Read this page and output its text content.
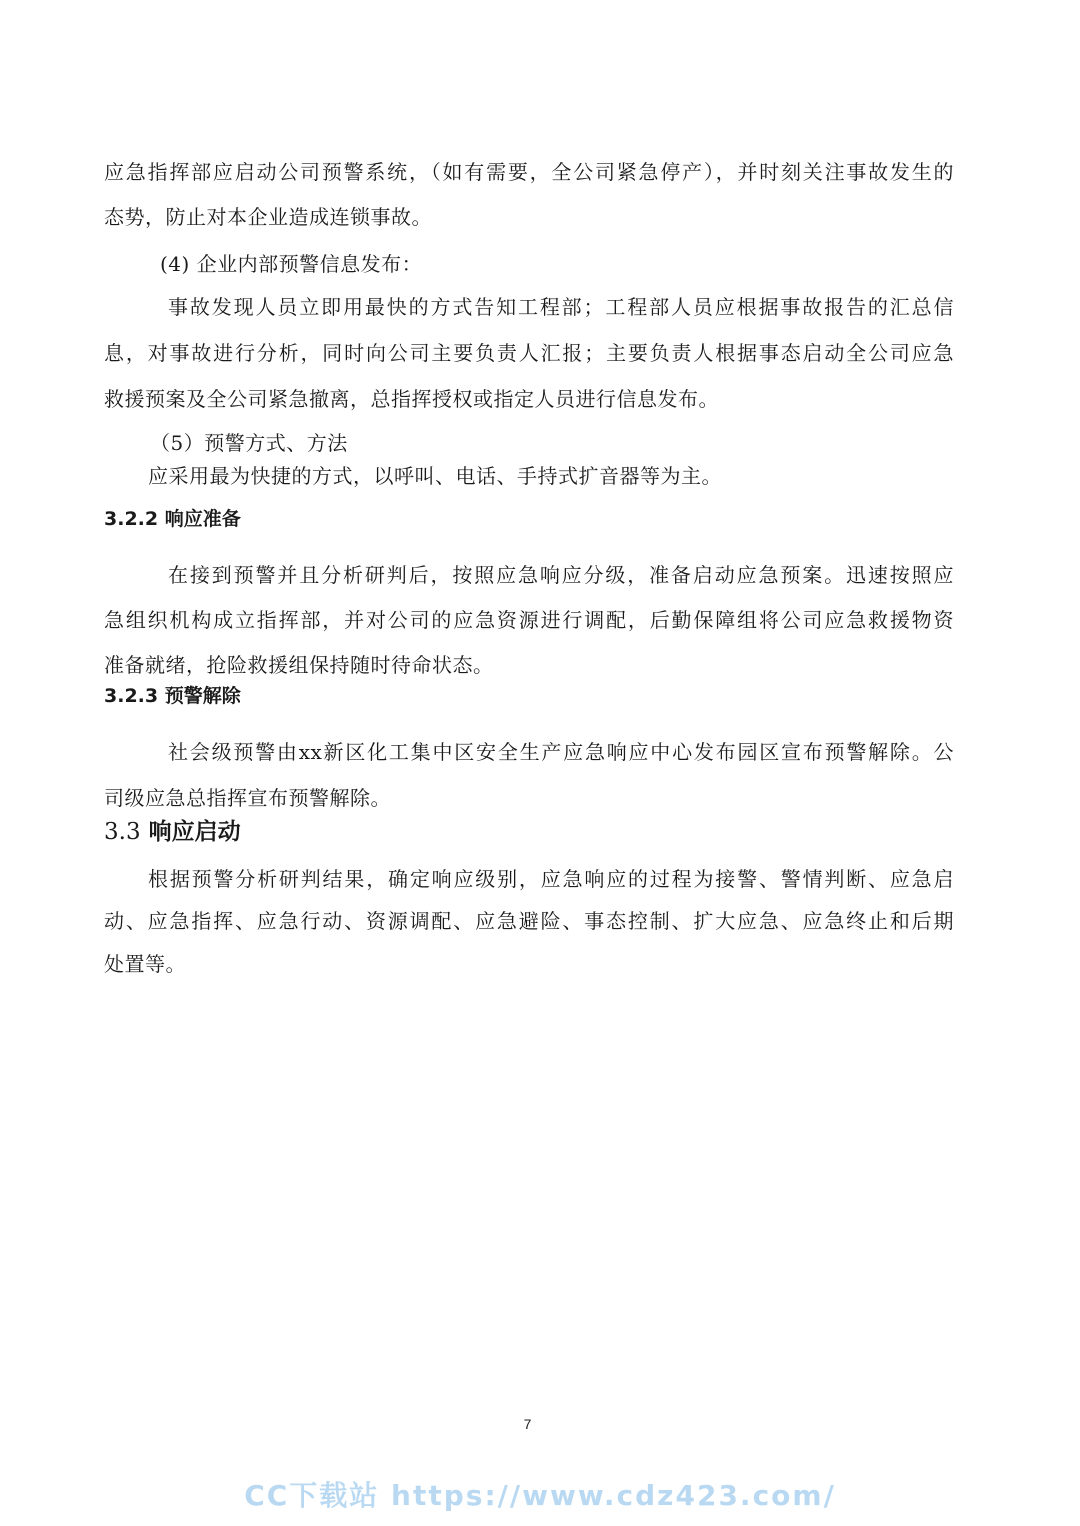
应急指挥部应启动公司预警系统，（如有需要，全公司紧急停产），并时刻关注事故发生的
态势，防止对本企业造成连锁事故。
(4) 企业内部预警信息发布：
事故发现人员立即用最快的方式告知工程部；工程部人员应根据事故报告的汇总信
息，对事故进行分析，同时向公司主要负责人汇报；主要负责人根据事态启动全公司应急
救援预案及全公司紧急撤离，总指挥授权或指定人员进行信息发布。
（5）预警方式、方法
应采用最为快捷的方式，以呼叫、电话、手持式扩音器等为主。
3.2.2 响应准备
在接到预警并且分析研判后，按照应急响应分级，准备启动应急预案。迅速按照应
急组织机构成立指挥部，并对公司的应急资源进行调配，后勤保障组将公司应急救援物资
准备就绪，抢险救援组保持随时待命状态。
3.2.3 预警解除
社会级预警由xx新区化工集中区安全生产应急响应中心发布园区宣布预警解除。公
司级应急总指挥宣布预警解除。
3.3 响应启动
根据预警分析研判结果，确定响应级别，应急响应的过程为接警、警情判断、应急启
动、应急指挥、应急行动、资源调配、应急避险、事态控制、扩大应急、应急终止和后期
处置等。
7
CC下载站 https://www.cdz423.com/
